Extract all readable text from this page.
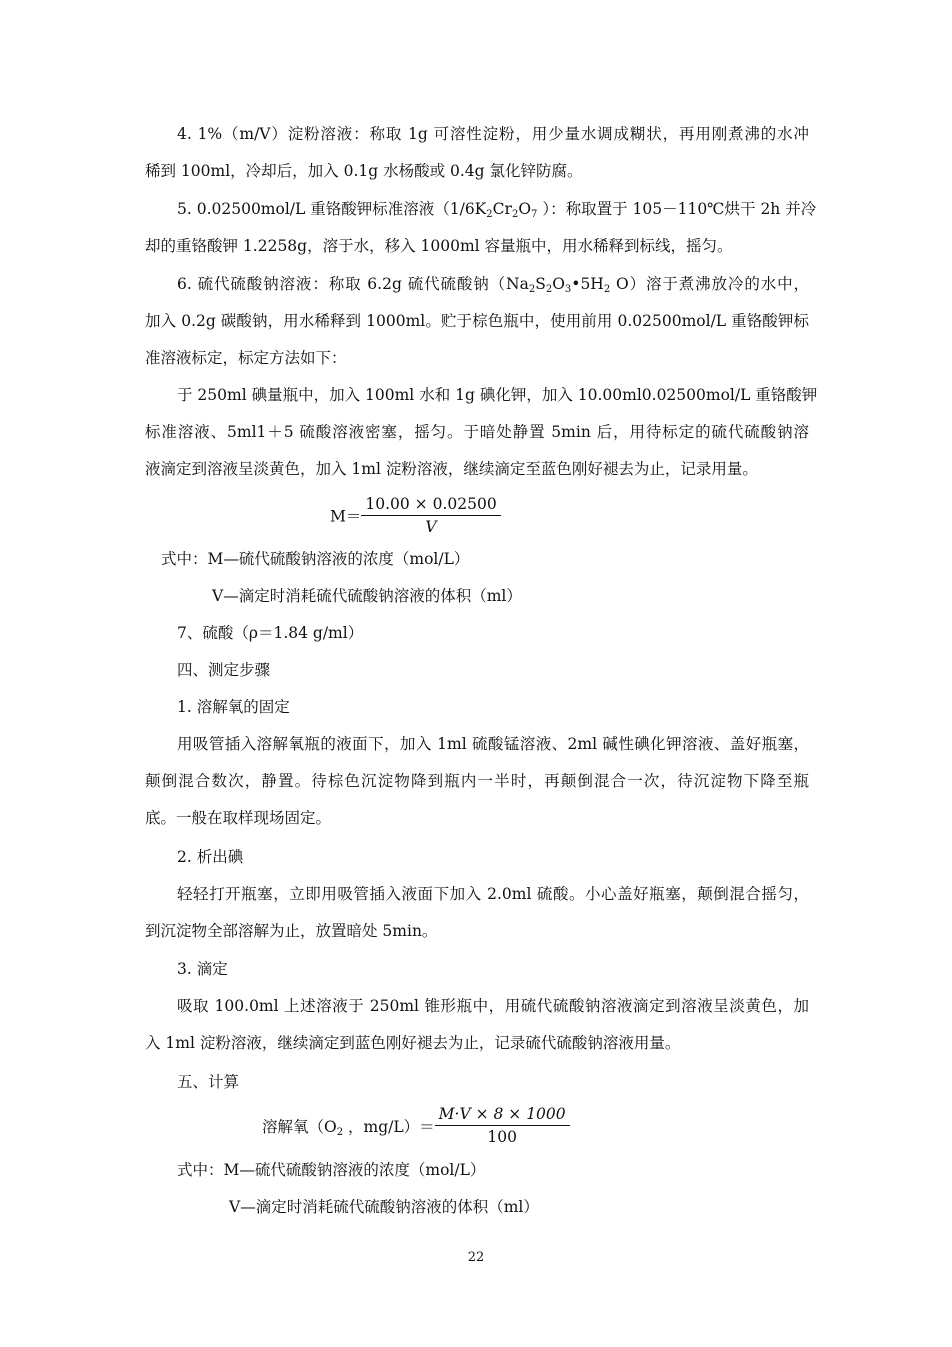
4. 1%（m/V）淀粉溶液：称取 1g 可溶性淀粉，用少量水调成糊状，再用刚煮沸的水冲
稀到 100ml，冷却后，加入 0.1g 水杨酸或 0.4g 氯化锌防腐。

5. 0.02500mol/L 重铬酸钾标准溶液（$1/6K_2Cr_2O_7$ ）：称取置于 105－110℃烘干 2h 并冷
却的重铬酸钾 1.2258g，溶于水，移入 1000ml 容量瓶中，用水稀释到标线，摇匀。

6. 硫代硫酸钠溶液：称取 6.2g 硫代硫酸钠（$Na_2S_2O_3•5H_2$ O）溶于煮沸放冷的水中，
加入 0.2g 碳酸钠，用水稀释到 1000ml。贮于棕色瓶中，使用前用 0.02500mol/L 重铬酸钾标
准溶液标定，标定方法如下：

于 250ml 碘量瓶中，加入 100ml 水和 1g 碘化钾，加入 10.00ml0.02500mol/L 重铬酸钾
标准溶液、5ml1＋5 硫酸溶液密塞，摇匀。于暗处静置 5min 后，用待标定的硫代硫酸钠溶
液滴定到溶液呈淡黄色，加入 1ml 淀粉溶液，继续滴定至蓝色刚好褪去为止，记录用量。

$M= \frac{10.00 \times 0.02500}{V}$

式中：M—硫代硫酸钠溶液的浓度（mol/L）

V—滴定时消耗硫代硫酸钠溶液的体积（ml）

7、硫酸（ρ＝1.84 g/ml）

四、测定步骤

1. 溶解氧的固定

用吸管插入溶解氧瓶的液面下，加入 1ml 硫酸锰溶液、2ml 碱性碘化钾溶液、盖好瓶塞，
颠倒混合数次，静置。待棕色沉淀物降到瓶内一半时，再颠倒混合一次，待沉淀物下降至瓶
底。一般在取样现场固定。

2. 析出碘

轻轻打开瓶塞，立即用吸管插入液面下加入 2.0ml 硫酸。小心盖好瓶塞，颠倒混合摇匀，
到沉淀物全部溶解为止，放置暗处 5min。

3. 滴定

吸取 100.0ml 上述溶液于 250ml 锥形瓶中，用硫代硫酸钠溶液滴定到溶液呈淡黄色，加
入 1ml 淀粉溶液，继续滴定到蓝色刚好褪去为止，记录硫代硫酸钠溶液用量。

五、计算

溶解氧（$O_2$ ，$mg/L)= \frac{M\cdot V \times 8 \times 1000}{100}$

式中：M—硫代硫酸钠溶液的浓度（mol/L）

V—滴定时消耗硫代硫酸钠溶液的体积（ml）

22
